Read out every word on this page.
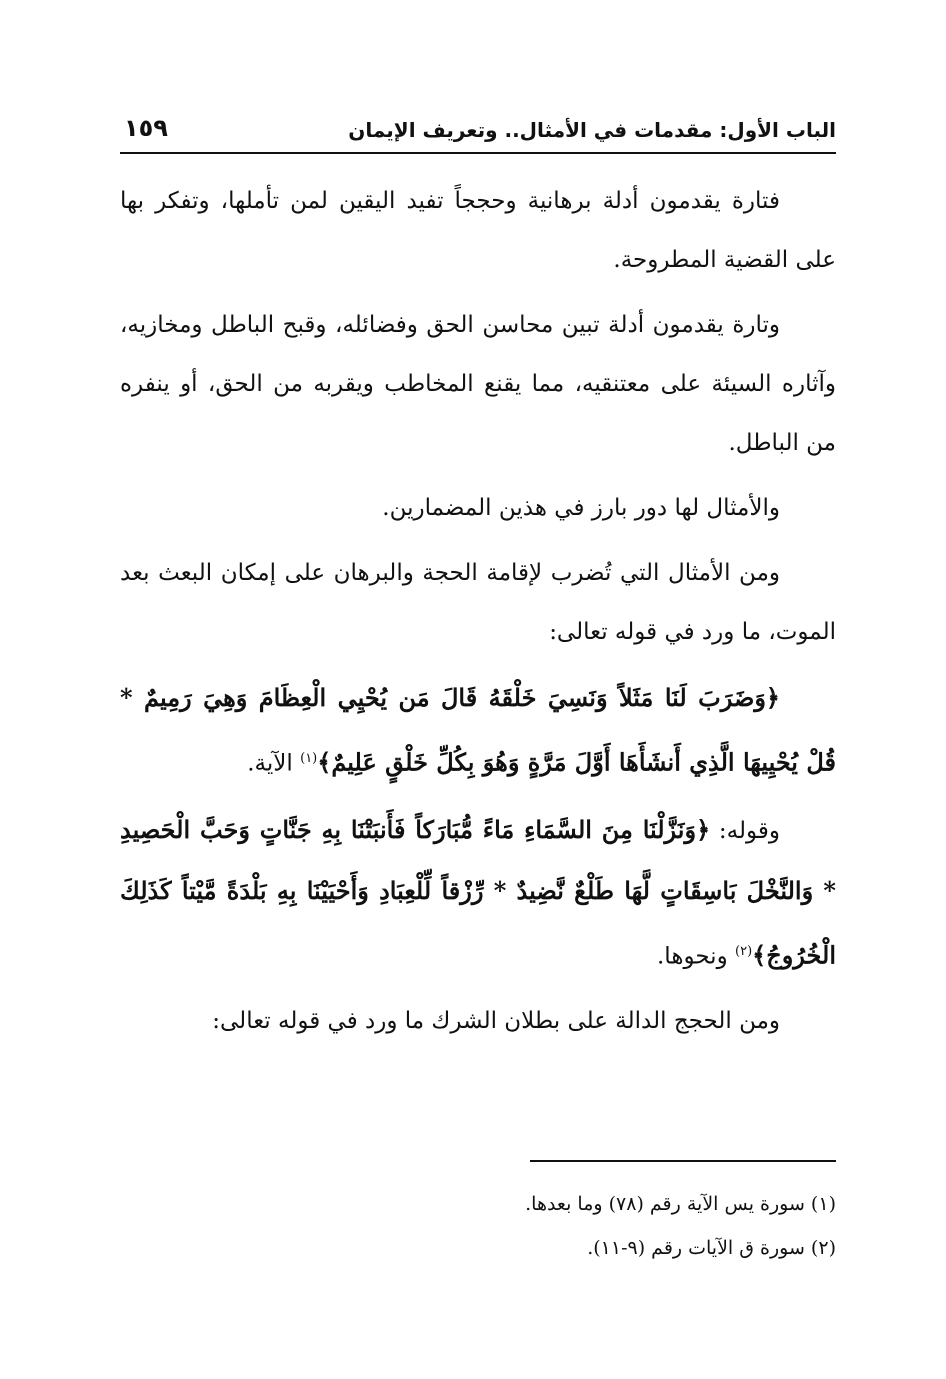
الباب الأول: مقدمات في الأمثال.. وتعريف الإيمان
١٥٩

فتارة يقدمون أدلة برهانية وحججاً تفيد اليقين لمن تأملها، وتفكر بها على القضية المطروحة.

وتارة يقدمون أدلة تبين محاسن الحق وفضائله، وقبح الباطل ومخازيه، وآثاره السيئة على معتنقيه، مما يقنع المخاطب ويقربه من الحق، أو ينفره من الباطل.

والأمثال لها دور بارز في هذين المضمارين.

ومن الأمثال التي تُضرب لإقامة الحجة والبرهان على إمكان البعث بعد الموت، ما ورد في قوله تعالى:

﴿وَضَرَبَ لَنَا مَثَلاً وَنَسِيَ خَلْقَهُ قَالَ مَن يُحْيِي الْعِظَامَ وَهِيَ رَمِيمٌ * قُلْ يُحْيِيهَا الَّذِي أَنشَأَهَا أَوَّلَ مَرَّةٍ وَهُوَ بِكُلِّ خَلْقٍ عَلِيمٌ﴾$^{(١)}$ الآية.

وقوله: ﴿وَنَزَّلْنَا مِنَ السَّمَاءِ مَاءً مُّبَارَكاً فَأَنبَتْنَا بِهِ جَنَّاتٍ وَحَبَّ الْحَصِيدِ * وَالنَّخْلَ بَاسِقَاتٍ لَّهَا طَلْعٌ نَّضِيدٌ * رِّزْقاً لِّلْعِبَادِ وَأَحْيَيْنَا بِهِ بَلْدَةً مَّيْتاً كَذَلِكَ الْخُرُوجُ﴾$^{(٢)}$ ونحوها.

ومن الحجج الدالة على بطلان الشرك ما ورد في قوله تعالى:

(١) سورة يس الآية رقم (٧٨) وما بعدها.

(٢) سورة ق الآيات رقم (٩-١١).
